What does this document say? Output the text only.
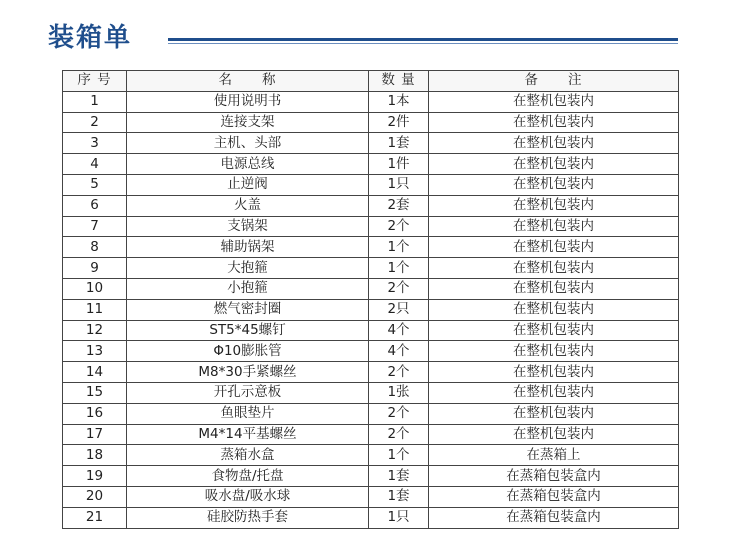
装箱单
序 号	名　　称	数 量	备　　注
1	使用说明书	1本	在整机包装内
2	连接支架	2件	在整机包装内
3	主机、头部	1套	在整机包装内
4	电源总线	1件	在整机包装内
5	止逆阀	1只	在整机包装内
6	火盖	2套	在整机包装内
7	支锅架	2个	在整机包装内
8	辅助锅架	1个	在整机包装内
9	大抱箍	1个	在整机包装内
10	小抱箍	2个	在整机包装内
11	燃气密封圈	2只	在整机包装内
12	ST5*45螺钉	4个	在整机包装内
13	Φ10膨胀管	4个	在整机包装内
14	M8*30手紧螺丝	2个	在整机包装内
15	开孔示意板	1张	在整机包装内
16	鱼眼垫片	2个	在整机包装内
17	M4*14平基螺丝	2个	在整机包装内
18	蒸箱水盒	1个	在蒸箱上
19	食物盘/托盘	1套	在蒸箱包装盒内
20	吸水盘/吸水球	1套	在蒸箱包装盒内
21	硅胶防热手套	1只	在蒸箱包装盒内
